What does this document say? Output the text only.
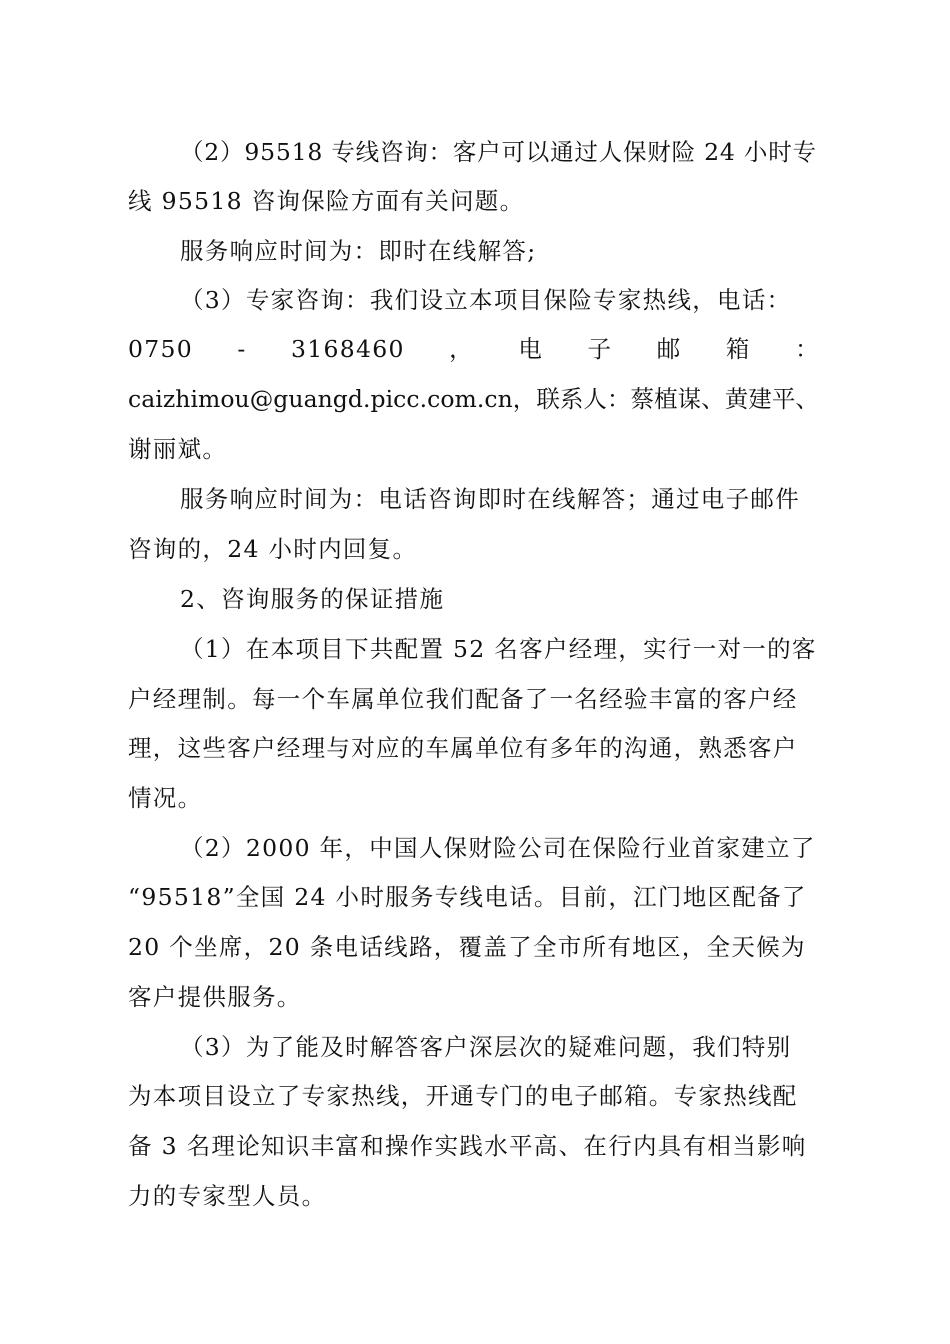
（2）95518 专线咨询：客户可以通过人保财险 24 小时专
线 95518 咨询保险方面有关问题。
服务响应时间为：即时在线解答;
（3）专家咨询：我们设立本项目保险专家热线，电话：
0750 - 3168460 ， 电 子 邮 箱 ：
caizhimou@guangd.picc.com.cn，联系人：蔡植谋、黄建平、
谢丽斌。
服务响应时间为：电话咨询即时在线解答；通过电子邮件
咨询的，24 小时内回复。
2、咨询服务的保证措施
（1）在本项目下共配置 52 名客户经理，实行一对一的客
户经理制。每一个车属单位我们配备了一名经验丰富的客户经
理，这些客户经理与对应的车属单位有多年的沟通，熟悉客户
情况。
（2）2000 年，中国人保财险公司在保险行业首家建立了
“95518”全国 24 小时服务专线电话。目前，江门地区配备了
20 个坐席，20 条电话线路，覆盖了全市所有地区，全天候为
客户提供服务。
（3）为了能及时解答客户深层次的疑难问题，我们特别
为本项目设立了专家热线，开通专门的电子邮箱。专家热线配
备 3 名理论知识丰富和操作实践水平高、在行内具有相当影响
力的专家型人员。
